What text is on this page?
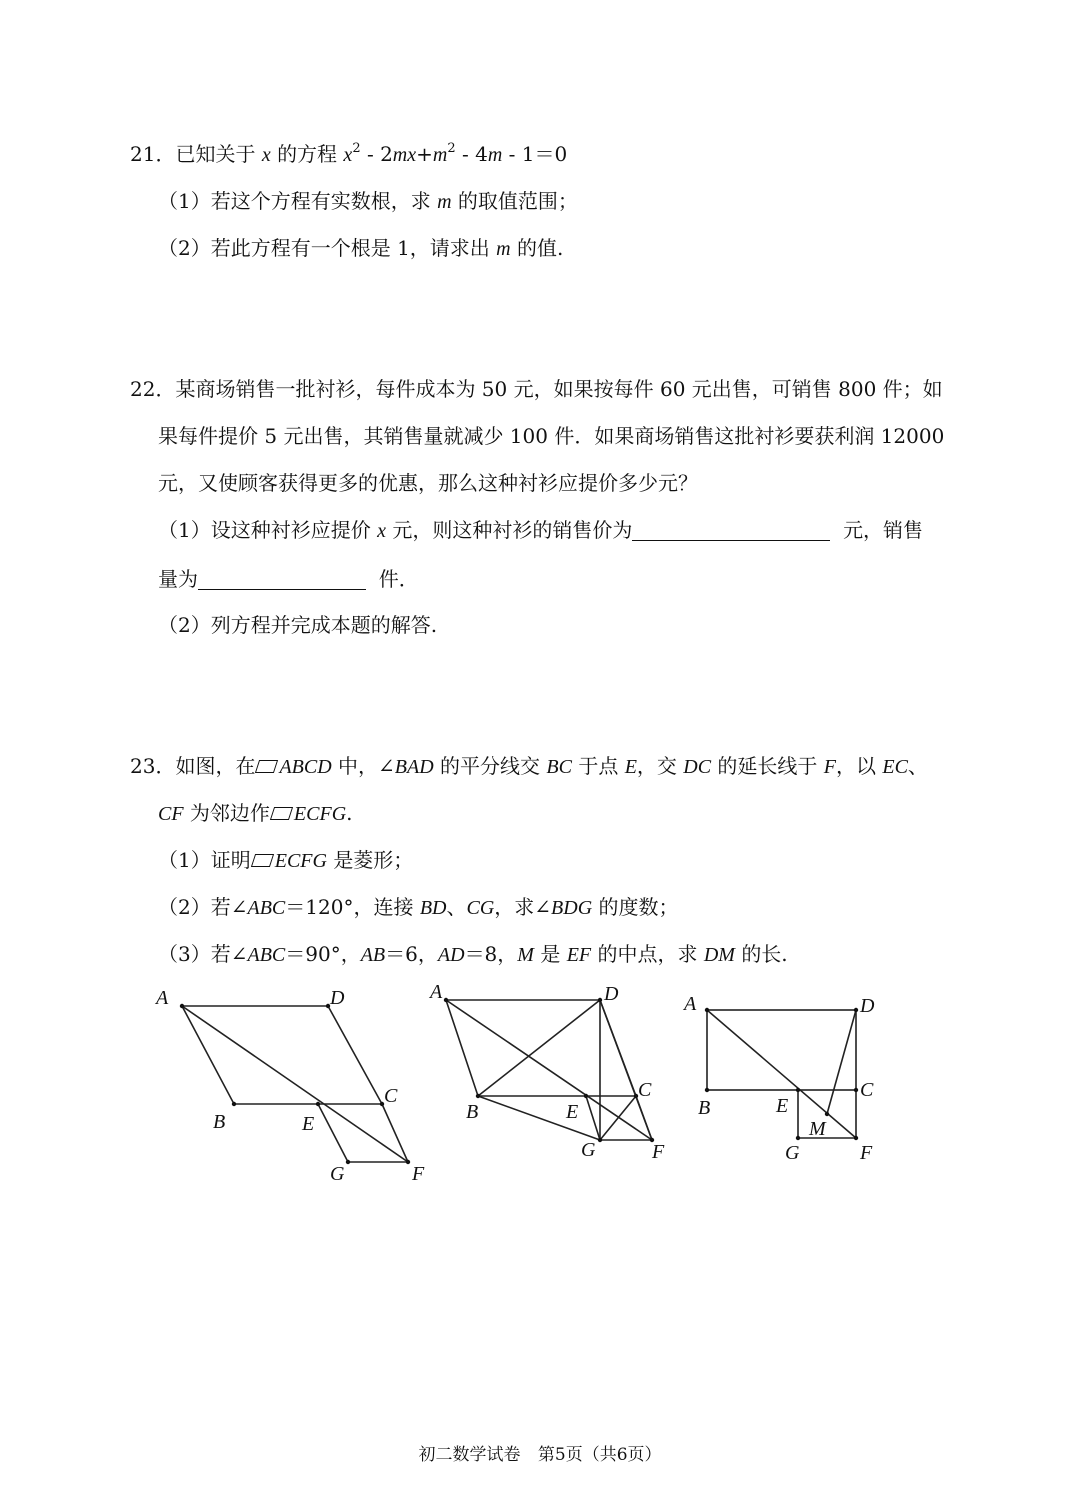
21．已知关于 x 的方程 $x^2 - 2mx+m^2 - 4m - 1=0$
（1）若这个方程有实数根，求 m 的取值范围；
（2）若此方程有一个根是 1，请求出 m 的值.
22．某商场销售一批衬衫，每件成本为 50 元，如果按每件 60 元出售，可销售 800 件；如
果每件提价 5 元出售，其销售量就减少 100 件．如果商场销售这批衬衫要获利润 12000
元，又使顾客获得更多的优惠，那么这种衬衫应提价多少元？
（1）设这种衬衫应提价 x 元，则这种衬衫的销售价为	元，销售
量为	件．
（2）列方程并完成本题的解答.
23．如图，在 ABCD 中，∠BAD 的平分线交 BC 于点 E，交 DC 的延长线于 F，以 EC、
CF 为邻边作 ECFG.
（1）证明 ECFG 是菱形；
（2）若∠ABC＝120°，连接 BD、CG，求∠BDG 的度数；
（3）若∠ABC＝90°，AB＝6，AD＝8，M 是 EF 的中点，求 DM 的长.
A	D
B	E
C
G	F
A	D
B	E
C
G	F
A	D
B	E
C
M
G	F
初二数学试卷 第5页（共6页）
